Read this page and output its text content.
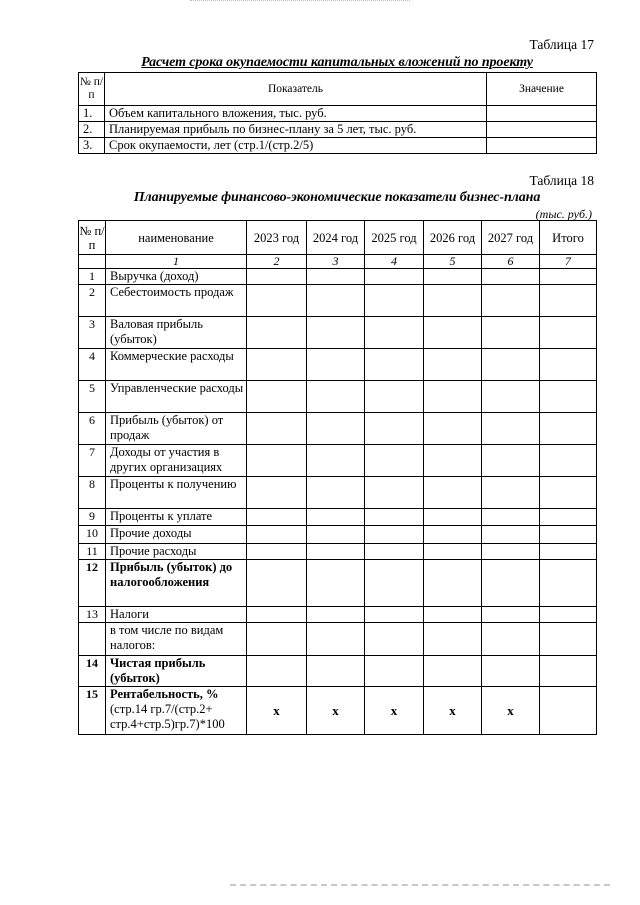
Таблица 17
Расчет срока окупаемости капитальных вложений по проекту
№ п/п	Показатель	Значение
1.	Объем капитального вложения, тыс. руб.	
2.	Планируемая прибыль по бизнес-плану за 5 лет, тыс. руб.	
3.	Срок окупаемости, лет (стр.1/(стр.2/5)	
Таблица 18
Планируемые финансово-экономические показатели бизнес-плана
(тыс. руб.)
№ п/п	наименование	2023 год	2024 год	2025 год	2026 год	2027 год	Итого
	1	2	3	4	5	6	7
1	Выручка (доход)						
2	Себестоимость продаж						
3	Валовая прибыль (убыток)						
4	Коммерческие расходы						
5	Управленческие расходы						
6	Прибыль (убыток) от продаж						
7	Доходы от участия в других организациях						
8	Проценты к получению						
9	Проценты к уплате						
10	Прочие доходы						
11	Прочие расходы						
12	Прибыль (убыток) до налогообложения						
13	Налоги						
	в том числе по видам налогов:						
14	Чистая прибыль (убыток)						
15	Рентабельность, %
(стр.14 гр.7/(стр.2+ стр.4+стр.5)гр.7)*100	x	x	x	x	x	
